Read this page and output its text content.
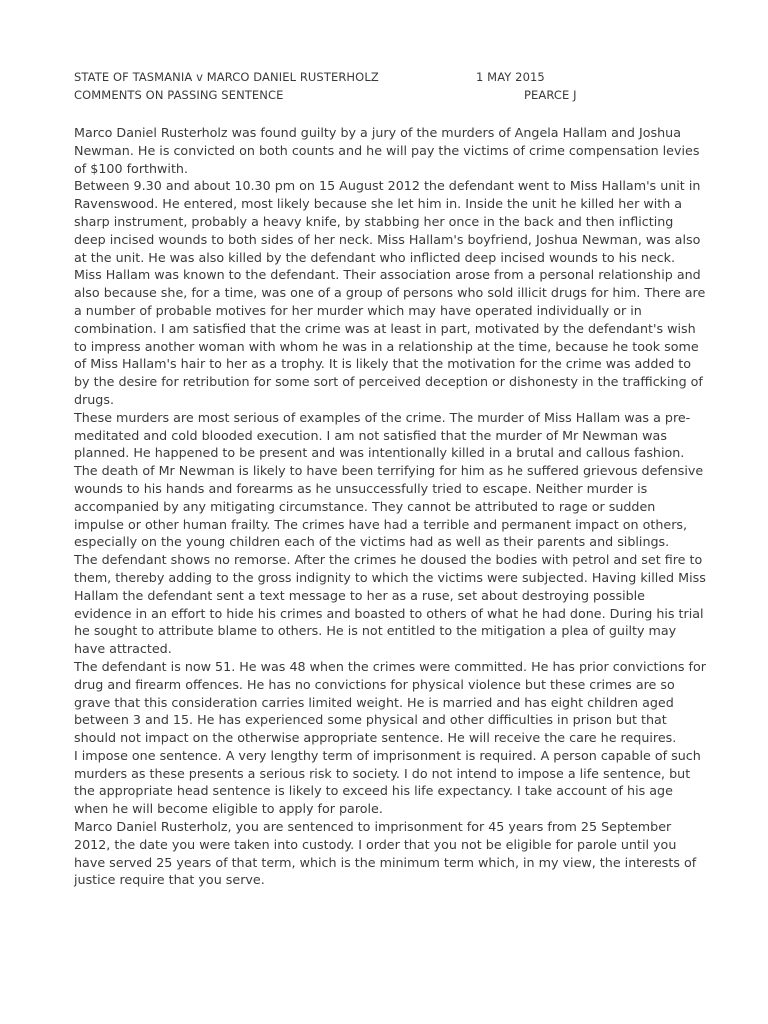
STATE OF TASMANIA v MARCO DANIEL RUSTERHOLZ	1 MAY 2015
COMMENTS ON PASSING SENTENCE	PEARCE J

Marco Daniel Rusterholz was found guilty by a jury of the murders of Angela Hallam and Joshua Newman. He is convicted on both counts and he will pay the victims of crime compensation levies of $100 forthwith.

Between 9.30 and about 10.30 pm on 15 August 2012 the defendant went to Miss Hallam's unit in Ravenswood. He entered, most likely because she let him in. Inside the unit he killed her with a sharp instrument, probably a heavy knife, by stabbing her once in the back and then inflicting deep incised wounds to both sides of her neck. Miss Hallam's boyfriend, Joshua Newman, was also at the unit. He was also killed by the defendant who inflicted deep incised wounds to his neck. Miss Hallam was known to the defendant. Their association arose from a personal relationship and also because she, for a time, was one of a group of persons who sold illicit drugs for him. There are a number of probable motives for her murder which may have operated individually or in combination. I am satisfied that the crime was at least in part, motivated by the defendant's wish to impress another woman with whom he was in a relationship at the time, because he took some of Miss Hallam's hair to her as a trophy. It is likely that the motivation for the crime was added to by the desire for retribution for some sort of perceived deception or dishonesty in the trafficking of drugs.

These murders are most serious of examples of the crime. The murder of Miss Hallam was a pre-meditated and cold blooded execution. I am not satisfied that the murder of Mr Newman was planned. He happened to be present and was intentionally killed in a brutal and callous fashion. The death of Mr Newman is likely to have been terrifying for him as he suffered grievous defensive wounds to his hands and forearms as he unsuccessfully tried to escape. Neither murder is accompanied by any mitigating circumstance. They cannot be attributed to rage or sudden impulse or other human frailty. The crimes have had a terrible and permanent impact on others, especially on the young children each of the victims had as well as their parents and siblings.

The defendant shows no remorse. After the crimes he doused the bodies with petrol and set fire to them, thereby adding to the gross indignity to which the victims were subjected. Having killed Miss Hallam the defendant sent a text message to her as a ruse, set about destroying possible evidence in an effort to hide his crimes and boasted to others of what he had done. During his trial he sought to attribute blame to others. He is not entitled to the mitigation a plea of guilty may have attracted.

The defendant is now 51. He was 48 when the crimes were committed. He has prior convictions for drug and firearm offences. He has no convictions for physical violence but these crimes are so grave that this consideration carries limited weight. He is married and has eight children aged between 3 and 15. He has experienced some physical and other difficulties in prison but that should not impact on the otherwise appropriate sentence. He will receive the care he requires.

I impose one sentence. A very lengthy term of imprisonment is required. A person capable of such murders as these presents a serious risk to society. I do not intend to impose a life sentence, but the appropriate head sentence is likely to exceed his life expectancy. I take account of his age when he will become eligible to apply for parole.

Marco Daniel Rusterholz, you are sentenced to imprisonment for 45 years from 25 September 2012, the date you were taken into custody. I order that you not be eligible for parole until you have served 25 years of that term, which is the minimum term which, in my view, the interests of justice require that you serve.
